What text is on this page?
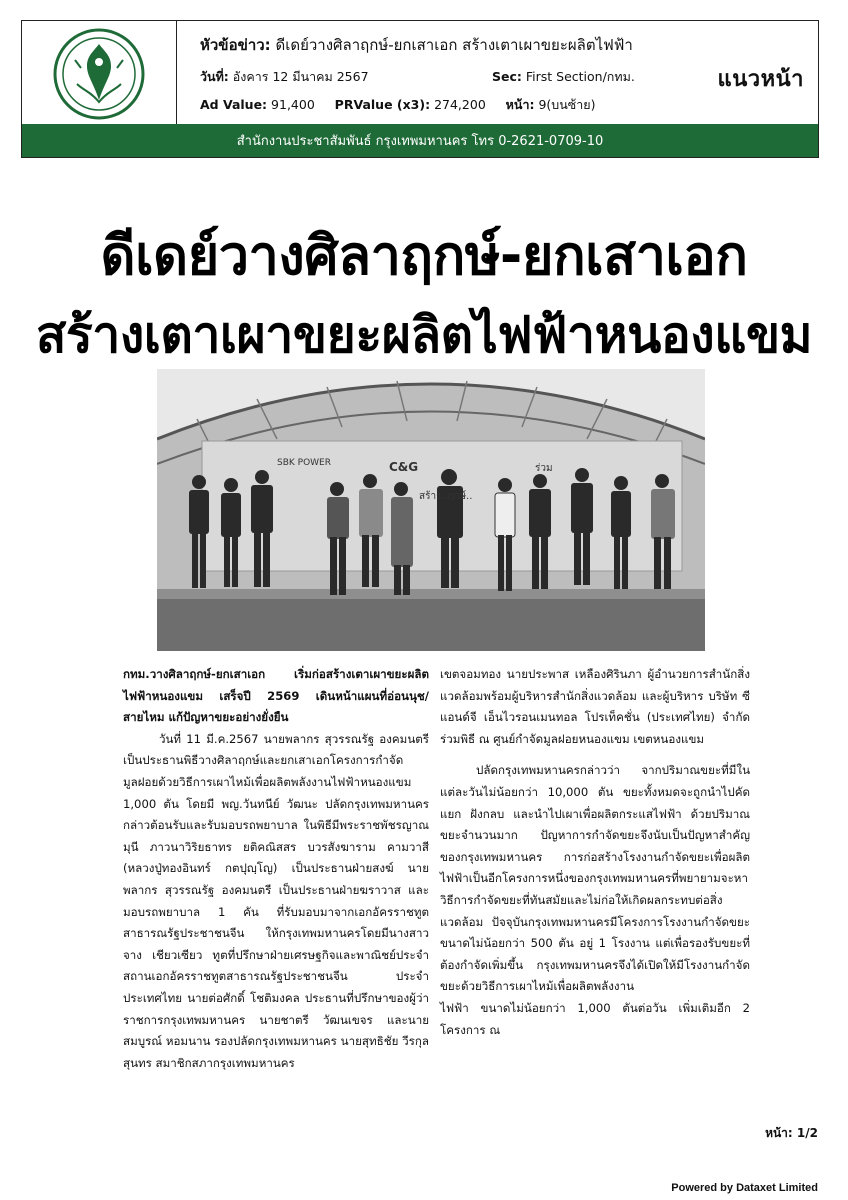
หัวข้อข่าว: ดีเดย์วางศิลาฤกษ์-ยกเสาเอก สร้างเตาเผาขยะผลิตไฟฟ้า
วันที่: อังคาร 12 มีนาคม 2567	Sec: First Section/กทม.
Ad Value: 91,400 PRValue (x3): 274,200 หน้า: 9(บนซ้าย)
แนวหน้า
สำนักงานประชาสัมพันธ์ กรุงเทพมหานคร โทร 0-2621-0709-10
ดีเดย์วางศิลาฤกษ์-ยกเสาเอก
สร้างเตาเผาขยะผลิตไฟฟ้าหนองแขม
SBK POWER	C&G
สร้าง..ฤกษ์..
ร่วม

กทม.วางศิลาฤกษ์-ยกเสาเอก เริ่มก่อสร้างเตาเผาขยะผลิตไฟฟ้าหนองแขม เสร็จปี 2569 เดินหน้าแผนที่อ่อนนุช/สายไหม แก้ปัญหาขยะอย่างยั่งยืน

วันที่ 11 มี.ค.2567 นายพลากร สุวรรณรัฐ องคมนตรี เป็นประธานพิธีวางศิลาฤกษ์และยกเสาเอกโครงการกำจัดมูลฝอยด้วยวิธีการเผาไหม้เพื่อผลิตพลังงานไฟฟ้าหนองแขม 1,000 ตัน โดยมี พญ.วันทนีย์ วัฒนะ ปลัดกรุงเทพมหานคร กล่าวต้อนรับและรับมอบรถพยาบาล ในพิธีมีพระราชพัชรญาณมุนี ภาวนาวิริยธาทร ยติคณิสสร บวรสังฆาราม คามวาสี (หลวงปู่ทองอินทร์ กตปุญฺโญ) เป็นประธานฝ่ายสงฆ์ นายพลากร สุวรรณรัฐ องคมนตรี เป็นประธานฝ่ายฆราวาส และมอบรถพยาบาล 1 คัน ที่รับมอบมาจากเอกอัครราชทูตสาธารณรัฐประชาชนจีน ให้กรุงเทพมหานครโดยมีนางสาวจาง เชียวเซียว ทูตที่ปรึกษาฝ่ายเศรษฐกิจและพาณิชย์ประจำสถานเอกอัครราชทูตสาธารณรัฐประชาชนจีน ประจำประเทศไทย นายต่อศักดิ์ โชติมงคล ประธานที่ปรึกษาของผู้ว่าราชการกรุงเทพมหานคร นายชาตรี วัฒนเขจร และนายสมบูรณ์ หอมนาน รองปลัดกรุงเทพมหานคร นายสุทธิชัย วีรกุลสุนทร สมาชิกสภากรุงเทพมหานคร

เขตจอมทอง นายประพาส เหลืองศิรินภา ผู้อำนวยการสำนักสิ่งแวดล้อมพร้อมผู้บริหารสำนักสิ่งแวดล้อม และผู้บริหาร บริษัท ซีแอนด์จี เอ็นไวรอนเมนทอล โปรเท็คชั่น (ประเทศไทย) จำกัด ร่วมพิธี ณ ศูนย์กำจัดมูลฝอยหนองแขม เขตหนองแขม

ปลัดกรุงเทพมหานครกล่าวว่า จากปริมาณขยะที่มีในแต่ละวันไม่น้อยกว่า 10,000 ตัน ขยะทั้งหมดจะถูกนำไปคัดแยก ฝังกลบ และนำไปเผาเพื่อผลิตกระแสไฟฟ้า ด้วยปริมาณขยะจำนวนมาก ปัญหาการกำจัดขยะจึงนับเป็นปัญหาสำคัญของกรุงเทพมหานคร การก่อสร้างโรงงานกำจัดขยะเพื่อผลิตไฟฟ้าเป็นอีกโครงการหนึ่งของกรุงเทพมหานครที่พยายามจะหาวิธีการกำจัดขยะที่ทันสมัยและไม่ก่อให้เกิดผลกระทบต่อสิ่งแวดล้อม ปัจจุบันกรุงเทพมหานครมีโครงการโรงงานกำจัดขยะขนาดไม่น้อยกว่า 500 ตัน อยู่ 1 โรงงาน แต่เพื่อรองรับขยะที่ต้องกำจัดเพิ่มขึ้น กรุงเทพมหานครจึงได้เปิดให้มีโรงงานกำจัดขยะด้วยวิธีการเผาไหม้เพื่อผลิตพลังงาน

ไฟฟ้า ขนาดไม่น้อยกว่า 1,000 ตันต่อวัน เพิ่มเติมอีก 2 โครงการ ณ

หน้า: 1/2
Powered by Dataxet Limited
